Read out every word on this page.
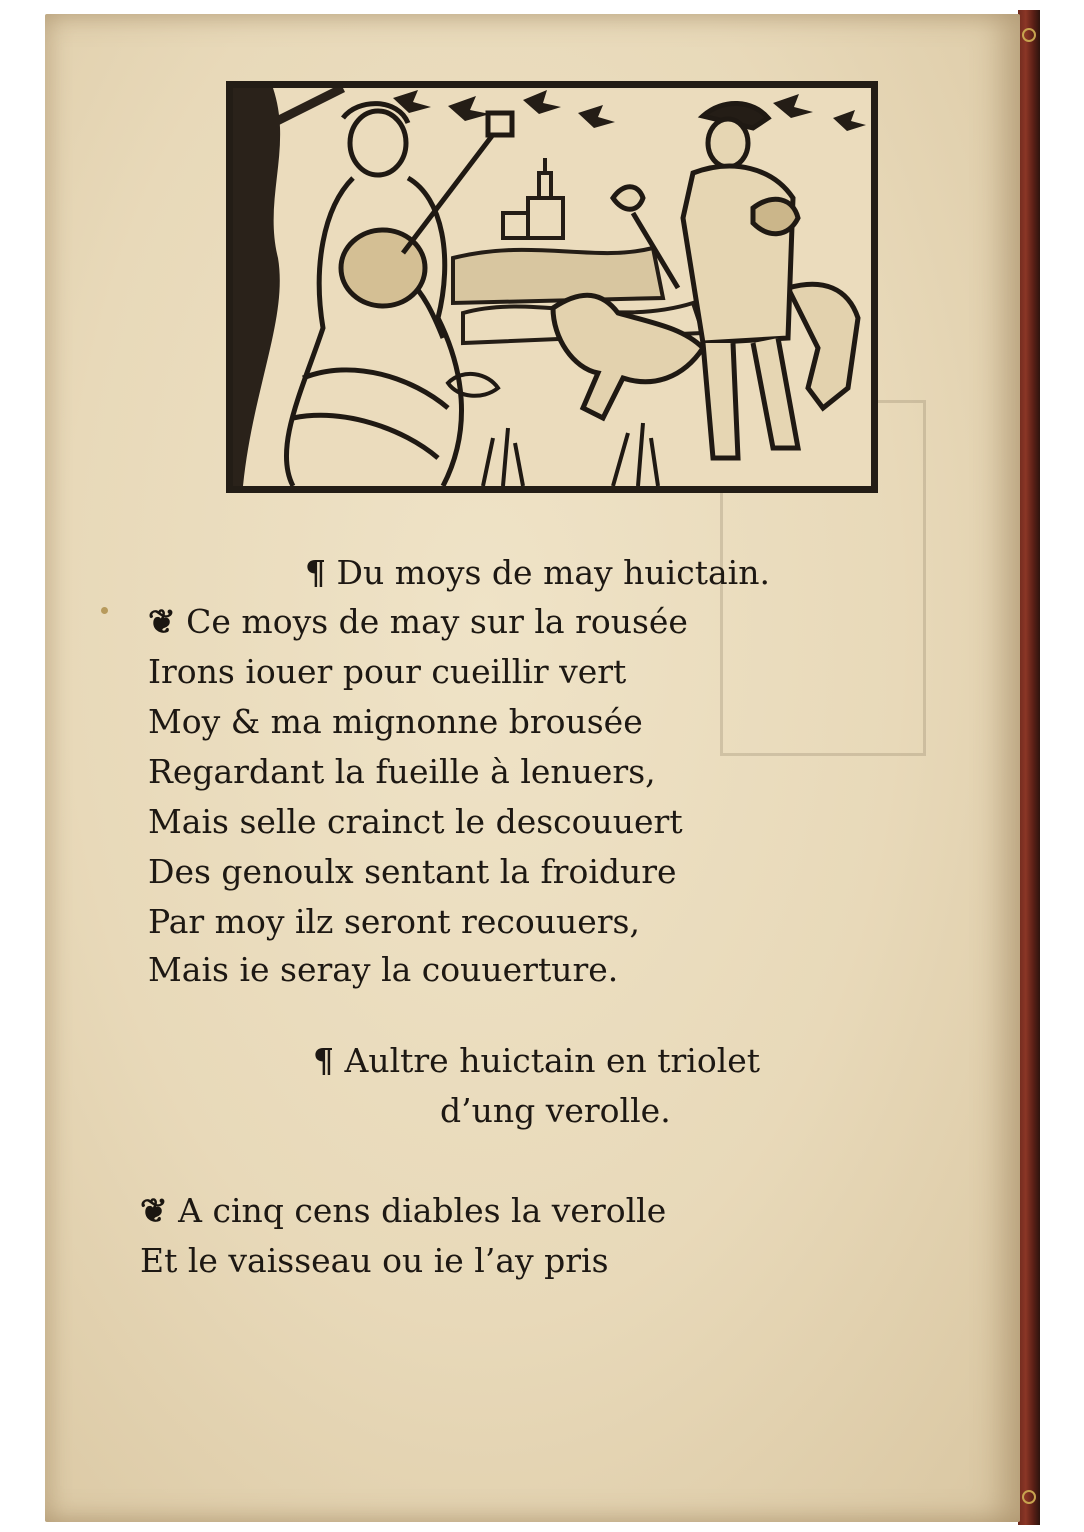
¶ Du moys de may huictain.
❦ Ce moys de may sur la rousée
Irons iouer pour cueillir vert
Moy & ma mignonne brousée
Regardant la fueille à lenuers,
Mais selle crainct le descouuert
Des genoulx sentant la froidure
Par moy ilz seront recouuers,
Mais ie seray la couuerture.
¶ Aultre huictain en triolet
d’ung verolle.
❦ A cinq cens diables la verolle
Et le vaisseau ou ie l’ay pris
